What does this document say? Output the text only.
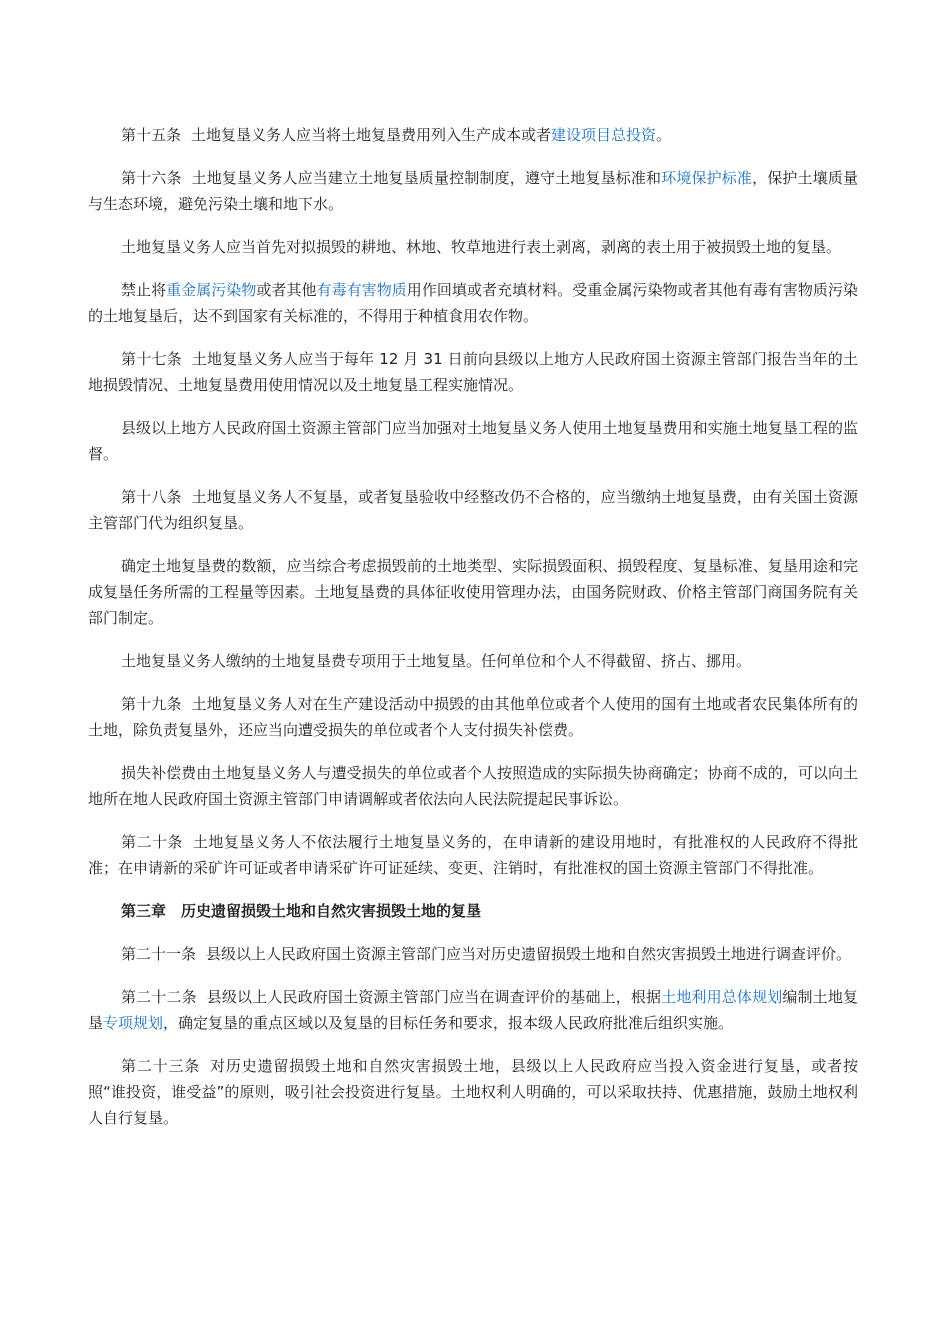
第十五条 土地复垦义务人应当将土地复垦费用列入生产成本或者建设项目总投资。

第十六条 土地复垦义务人应当建立土地复垦质量控制制度，遵守土地复垦标准和环境保护标准，保护土壤质量与生态环境，避免污染土壤和地下水。

土地复垦义务人应当首先对拟损毁的耕地、林地、牧草地进行表土剥离，剥离的表土用于被损毁土地的复垦。

禁止将重金属污染物或者其他有毒有害物质用作回填或者充填材料。受重金属污染物或者其他有毒有害物质污染的土地复垦后，达不到国家有关标准的，不得用于种植食用农作物。

第十七条 土地复垦义务人应当于每年 12 月 31 日前向县级以上地方人民政府国土资源主管部门报告当年的土地损毁情况、土地复垦费用使用情况以及土地复垦工程实施情况。

县级以上地方人民政府国土资源主管部门应当加强对土地复垦义务人使用土地复垦费用和实施土地复垦工程的监督。

第十八条 土地复垦义务人不复垦，或者复垦验收中经整改仍不合格的，应当缴纳土地复垦费，由有关国土资源主管部门代为组织复垦。

确定土地复垦费的数额，应当综合考虑损毁前的土地类型、实际损毁面积、损毁程度、复垦标准、复垦用途和完成复垦任务所需的工程量等因素。土地复垦费的具体征收使用管理办法，由国务院财政、价格主管部门商国务院有关部门制定。

土地复垦义务人缴纳的土地复垦费专项用于土地复垦。任何单位和个人不得截留、挤占、挪用。

第十九条 土地复垦义务人对在生产建设活动中损毁的由其他单位或者个人使用的国有土地或者农民集体所有的土地，除负责复垦外，还应当向遭受损失的单位或者个人支付损失补偿费。

损失补偿费由土地复垦义务人与遭受损失的单位或者个人按照造成的实际损失协商确定；协商不成的，可以向土地所在地人民政府国土资源主管部门申请调解或者依法向人民法院提起民事诉讼。

第二十条 土地复垦义务人不依法履行土地复垦义务的，在申请新的建设用地时，有批准权的人民政府不得批准；在申请新的采矿许可证或者申请采矿许可证延续、变更、注销时，有批准权的国土资源主管部门不得批准。

第三章　历史遗留损毁土地和自然灾害损毁土地的复垦

第二十一条 县级以上人民政府国土资源主管部门应当对历史遗留损毁土地和自然灾害损毁土地进行调查评价。

第二十二条 县级以上人民政府国土资源主管部门应当在调查评价的基础上，根据土地利用总体规划编制土地复垦专项规划，确定复垦的重点区域以及复垦的目标任务和要求，报本级人民政府批准后组织实施。

第二十三条 对历史遗留损毁土地和自然灾害损毁土地，县级以上人民政府应当投入资金进行复垦，或者按照“谁投资，谁受益”的原则，吸引社会投资进行复垦。土地权利人明确的，可以采取扶持、优惠措施，鼓励土地权利人自行复垦。
